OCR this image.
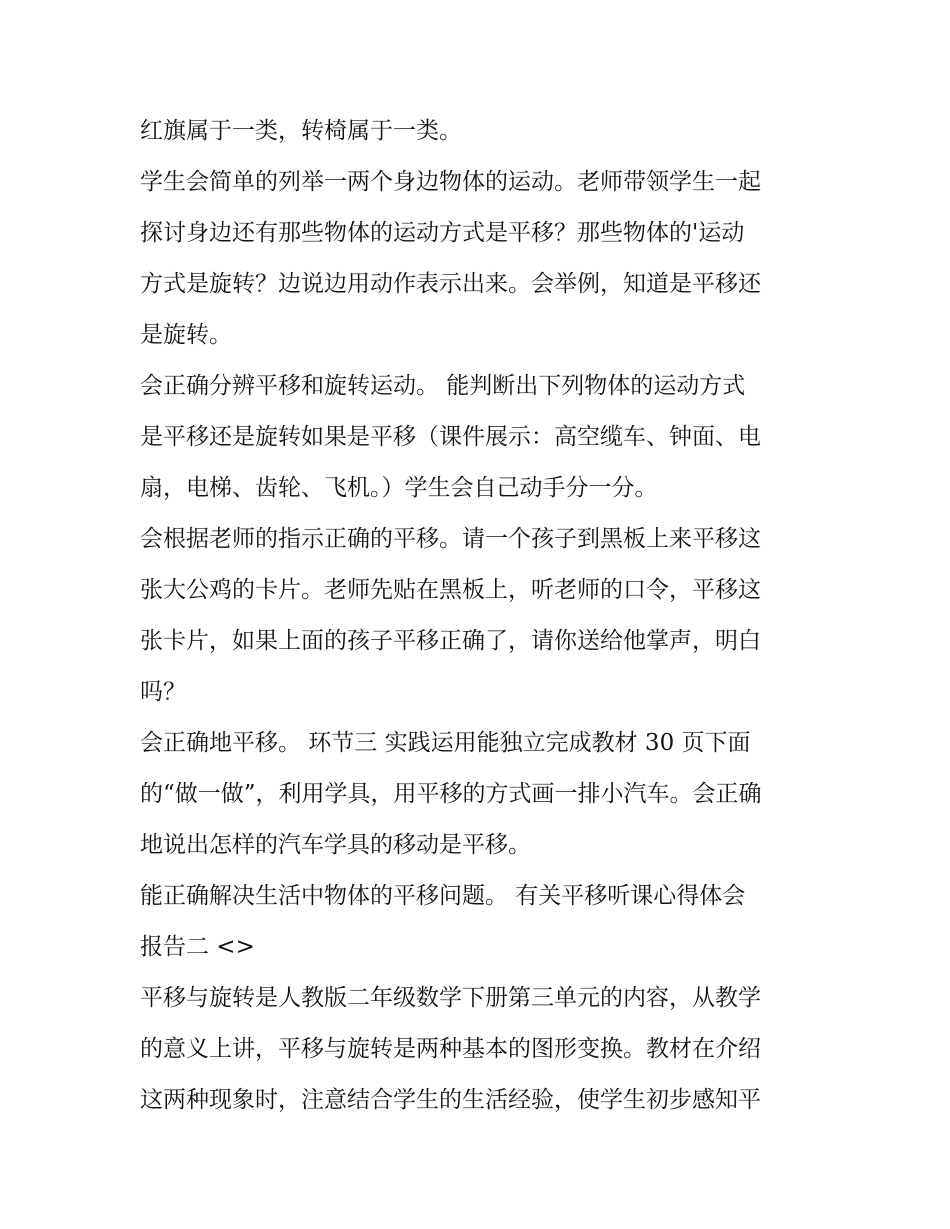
红旗属于一类，转椅属于一类。
学生会简单的列举一两个身边物体的运动。老师带领学生一起
探讨身边还有那些物体的运动方式是平移？那些物体的'运动
方式是旋转？边说边用动作表示出来。会举例，知道是平移还
是旋转。
会正确分辨平移和旋转运动。 能判断出下列物体的运动方式
是平移还是旋转如果是平移（课件展示：高空缆车、钟面、电
扇，电梯、齿轮、飞机。）学生会自己动手分一分。
会根据老师的指示正确的平移。请一个孩子到黑板上来平移这
张大公鸡的卡片。老师先贴在黑板上，听老师的口令，平移这
张卡片，如果上面的孩子平移正确了，请你送给他掌声，明白
吗？
会正确地平移。 环节三 实践运用能独立完成教材 30 页下面
的“做一做”，利用学具，用平移的方式画一排小汽车。会正确
地说出怎样的汽车学具的移动是平移。
能正确解决生活中物体的平移问题。 有关平移听课心得体会
报告二 <>
平移与旋转是人教版二年级数学下册第三单元的内容，从教学
的意义上讲，平移与旋转是两种基本的图形变换。教材在介绍
这两种现象时，注意结合学生的生活经验，使学生初步感知平
